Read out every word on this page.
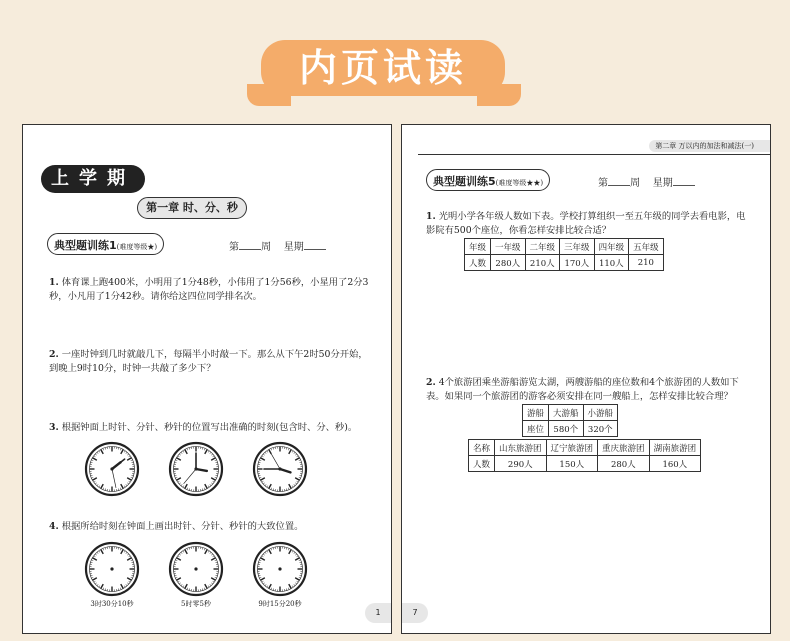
内页试读
上学期
第一章 时、分、秒
典型题训练1(难度等级★)	第 周 星期
1. 体育课上跑400米，小明用了1分48秒，小伟用了1分56秒，小星用了2分3秒，小凡用了1分42秒。请你给这四位同学排名次。
2. 一座时钟到几时就敲几下，每隔半小时敲一下。那么从下午2时50分开始，到晚上9时10分，时钟一共敲了多少下？
3. 根据钟面上时针、分针、秒针的位置写出准确的时刻(包含时、分、秒)。
4. 根据所给时刻在钟面上画出时针、分针、秒针的大致位置。
3时30分10秒	5时零5秒	9时15分20秒
1
第二章 万以内的加法和减法(一)
典型题训练5(难度等级★★)	第 周 星期
1. 光明小学各年级人数如下表。学校打算组织一至五年级的同学去看电影，电影院有500个座位，你看怎样安排比较合适？
年级	一年级	二年级	三年级	四年级	五年级
人数	280人	210人	170人	110人	210
2. 4个旅游团乘坐游船游览太湖，两艘游船的座位数和4个旅游团的人数如下表。如果同一个旅游团的游客必须安排在同一艘船上，怎样安排比较合理？
游船	大游船	小游船
座位	580个	320个
名称	山东旅游团	辽宁旅游团	重庆旅游团	湖南旅游团
人数	290人	150人	280人	160人
7
